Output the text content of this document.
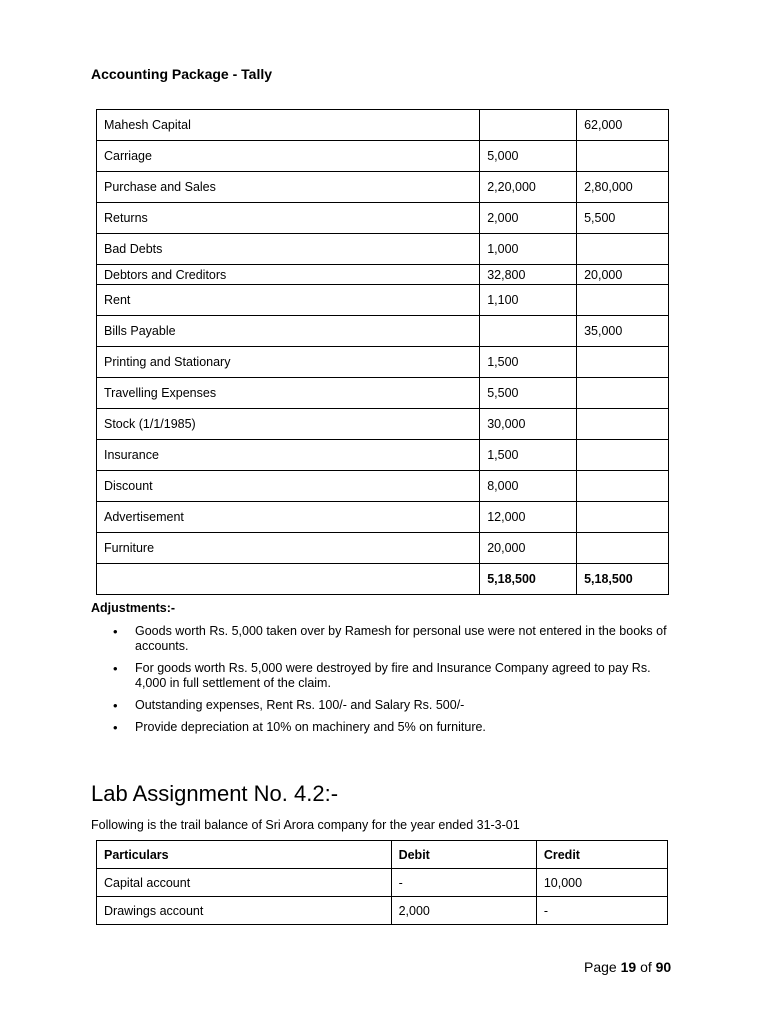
Accounting Package - Tally
Mahesh Capital		62,000
Carriage	5,000	
Purchase and Sales	2,20,000	2,80,000
Returns	2,000	5,500
Bad Debts	1,000	
Debtors and Creditors	32,800	20,000
Rent	1,100	
Bills Payable		35,000
Printing and Stationary	1,500	
Travelling Expenses	5,500	
Stock (1/1/1985)	30,000	
Insurance	1,500	
Discount	8,000	
Advertisement	12,000	
Furniture	20,000	
	5,18,500	5,18,500
Adjustments:-
• Goods worth Rs. 5,000 taken over by Ramesh for personal use were not entered in the books of accounts.
• For goods worth Rs. 5,000 were destroyed by fire and Insurance Company agreed to pay Rs. 4,000 in full settlement of the claim.
• Outstanding expenses, Rent Rs. 100/- and Salary Rs. 500/-
• Provide depreciation at 10% on machinery and 5% on furniture.
Lab Assignment No. 4.2:-
Following is the trail balance of Sri Arora company for the year ended 31-3-01
Particulars	Debit	Credit
Capital account	-	10,000
Drawings account	2,000	-
Page 19 of 90
